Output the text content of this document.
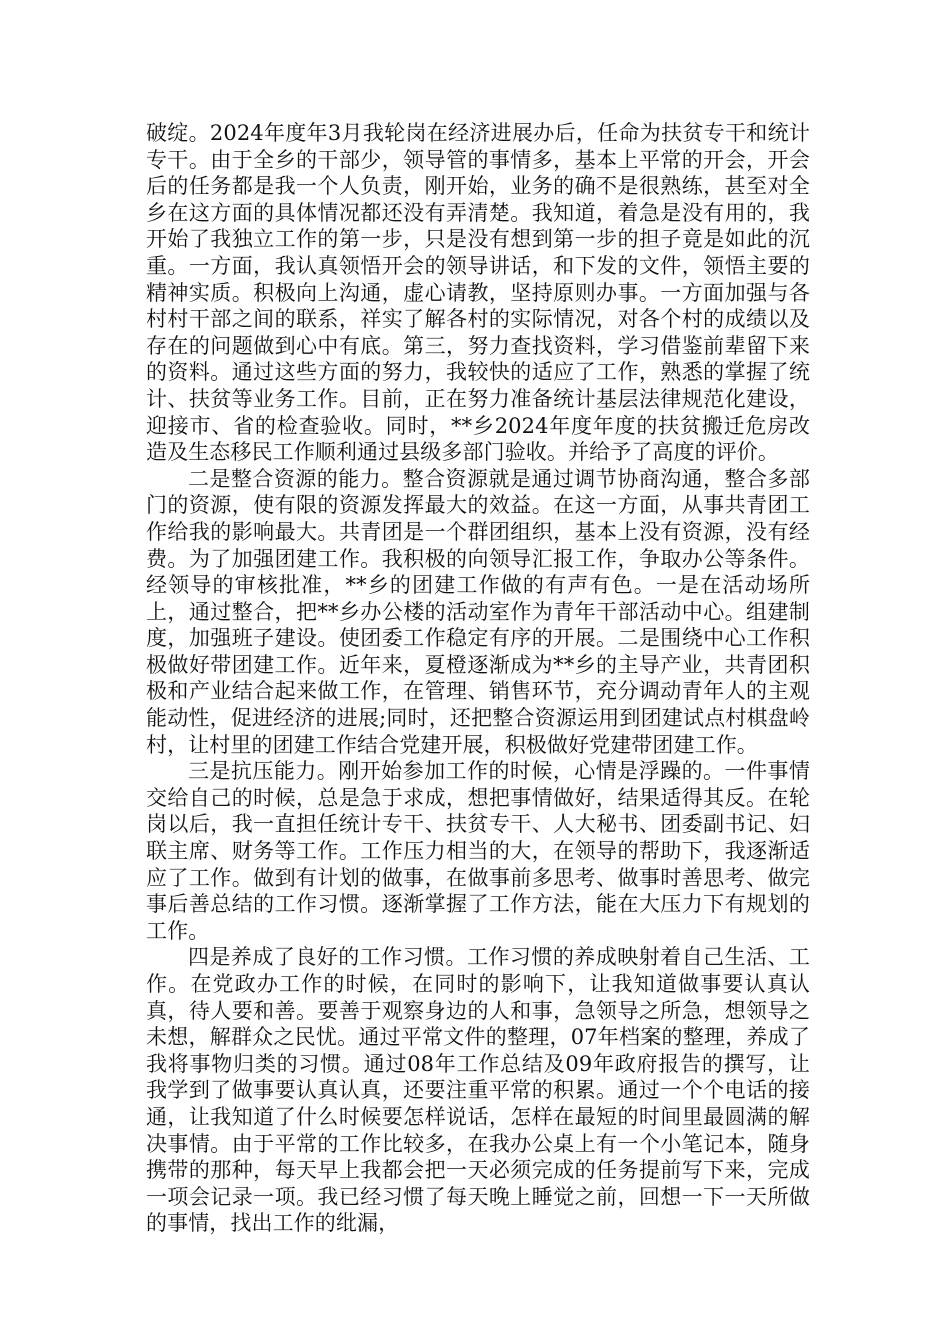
破绽。2024年度年3月我轮岗在经济进展办后，任命为扶贫专干和统计专干。由于全乡的干部少，领导管的事情多，基本上平常的开会，开会后的任务都是我一个人负责，刚开始，业务的确不是很熟练，甚至对全乡在这方面的具体情况都还没有弄清楚。我知道，着急是没有用的，我开始了我独立工作的第一步，只是没有想到第一步的担子竟是如此的沉重。一方面，我认真领悟开会的领导讲话，和下发的文件，领悟主要的精神实质。积极向上沟通，虚心请教，坚持原则办事。一方面加强与各村村干部之间的联系，祥实了解各村的实际情况，对各个村的成绩以及存在的问题做到心中有底。第三，努力查找资料，学习借鉴前辈留下来的资料。通过这些方面的努力，我较快的适应了工作，熟悉的掌握了统计、扶贫等业务工作。目前，正在努力准备统计基层法律规范化建设，迎接市、省的检查验收。同时，**乡2024年度年度的扶贫搬迁危房改造及生态移民工作顺利通过县级多部门验收。并给予了高度的评价。

二是整合资源的能力。整合资源就是通过调节协商沟通，整合多部门的资源，使有限的资源发挥最大的效益。在这一方面，从事共青团工作给我的影响最大。共青团是一个群团组织，基本上没有资源，没有经费。为了加强团建工作。我积极的向领导汇报工作，争取办公等条件。经领导的审核批准，**乡的团建工作做的有声有色。一是在活动场所上，通过整合，把**乡办公楼的活动室作为青年干部活动中心。组建制度，加强班子建设。使团委工作稳定有序的开展。二是围绕中心工作积极做好带团建工作。近年来，夏橙逐渐成为**乡的主导产业，共青团积极和产业结合起来做工作，在管理、销售环节，充分调动青年人的主观能动性，促进经济的进展;同时，还把整合资源运用到团建试点村棋盘岭村，让村里的团建工作结合党建开展，积极做好党建带团建工作。

三是抗压能力。刚开始参加工作的时候，心情是浮躁的。一件事情交给自己的时候，总是急于求成，想把事情做好，结果适得其反。在轮岗以后，我一直担任统计专干、扶贫专干、人大秘书、团委副书记、妇联主席、财务等工作。工作压力相当的大，在领导的帮助下，我逐渐适应了工作。做到有计划的做事，在做事前多思考、做事时善思考、做完事后善总结的工作习惯。逐渐掌握了工作方法，能在大压力下有规划的工作。

四是养成了良好的工作习惯。工作习惯的养成映射着自己生活、工作。在党政办工作的时候，在同时的影响下，让我知道做事要认真认真，待人要和善。要善于观察身边的人和事，急领导之所急，想领导之未想，解群众之民忧。通过平常文件的整理，07年档案的整理，养成了我将事物归类的习惯。通过08年工作总结及09年政府报告的撰写，让我学到了做事要认真认真，还要注重平常的积累。通过一个个电话的接通，让我知道了什么时候要怎样说话，怎样在最短的时间里最圆满的解决事情。由于平常的工作比较多，在我办公桌上有一个小笔记本，随身携带的那种，每天早上我都会把一天必须完成的任务提前写下来，完成一项会记录一项。我已经习惯了每天晚上睡觉之前，回想一下一天所做的事情，找出工作的纰漏，
